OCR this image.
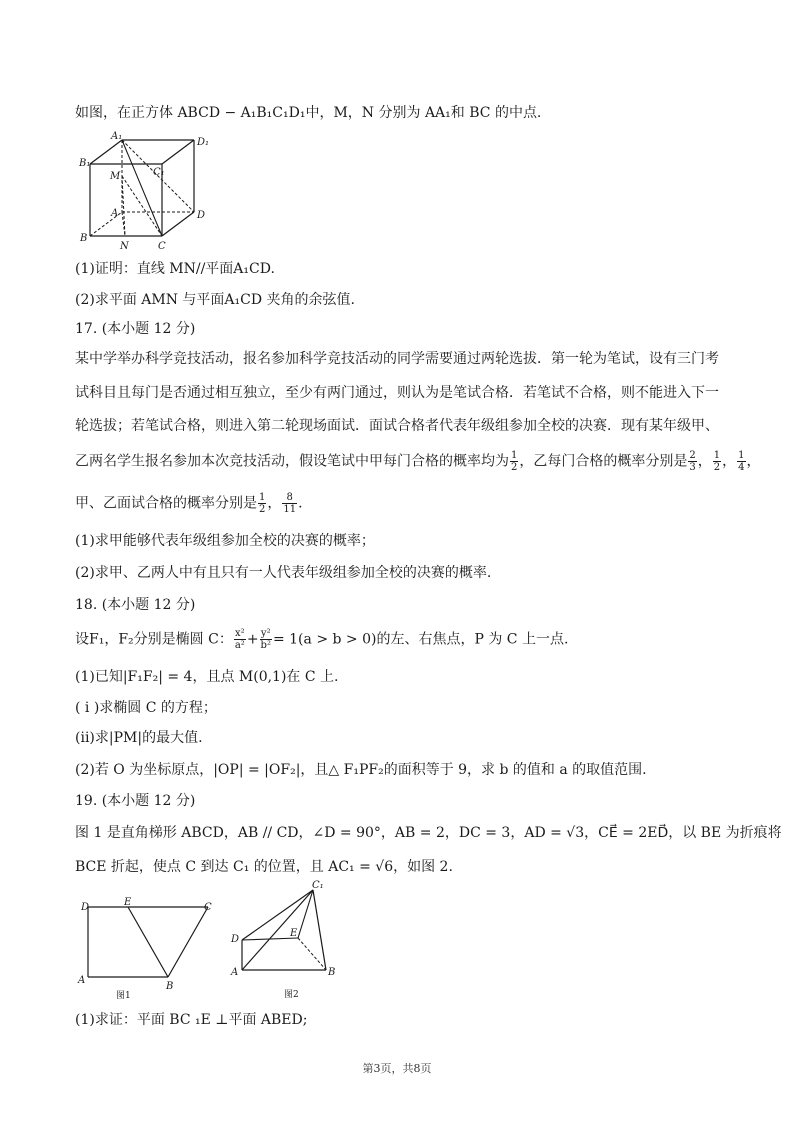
如图，在正方体 ABCD − A₁B₁C₁D₁中，M，N 分别为 AA₁和 BC 的中点.
A₁
B₁
C₁
D₁
M
A
B
C
D
N
(1)证明：直线 MN//平面A₁CD.
(2)求平面 AMN 与平面A₁CD 夹角的余弦值.
17. (本小题 12 分)
某中学举办科学竞技活动，报名参加科学竞技活动的同学需要通过两轮选拔．第一轮为笔试，设有三门考
试科目且每门是否通过相互独立，至少有两门通过，则认为是笔试合格．若笔试不合格，则不能进入下一
轮选拔；若笔试合格，则进入第二轮现场面试．面试合格者代表年级组参加全校的决赛．现有某年级甲、
乙两名学生报名参加本次竞技活动，假设笔试中甲每门合格的概率均为 $\frac{1}{2}$ ，乙每门合格的概率分别是 $\frac{2}{3}$ ， $\frac{1}{2}$ ， $\frac{1}{4}$ ，
甲、乙面试合格的概率分别是 $\frac{1}{2}$ ， $\frac{8}{11}$ .
(1)求甲能够代表年级组参加全校的决赛的概率；
(2)求甲、乙两人中有且只有一人代表年级组参加全校的决赛的概率.
18. (本小题 12 分)
设F₁，F₂分别是椭圆 C： $\frac{\text{x²}}{\text{a²}} + \frac{\text{y²}}{\text{b²}} = 1(a > b > 0)$的左、右焦点，P 为 C 上一点.
(1)已知|F₁F₂| = 4，且点 M(0,1)在 C 上.
( i )求椭圆 C 的方程；
(ii)求|PM|的最大值.
(2)若 O 为坐标原点，|OP| = |OF₂|，且△ F₁PF₂的面积等于 9，求 b 的值和 a 的取值范围.
19. (本小题 12 分)
图 1 是直角梯形 ABCD，AB // CD，∠D = 90°，AB = 2，DC = 3，AD = √3，CE⃗ = 2ED⃗，以 BE 为折痕将
BCE 折起，使点 C 到达 C₁ 的位置，且 AC₁ = √6，如图 2.
D	E	C
A
B
图1
C₁
D
E
A	B
图2
(1)求证：平面 BC ₁E ⊥平面 ABED;
第3页，共8页
